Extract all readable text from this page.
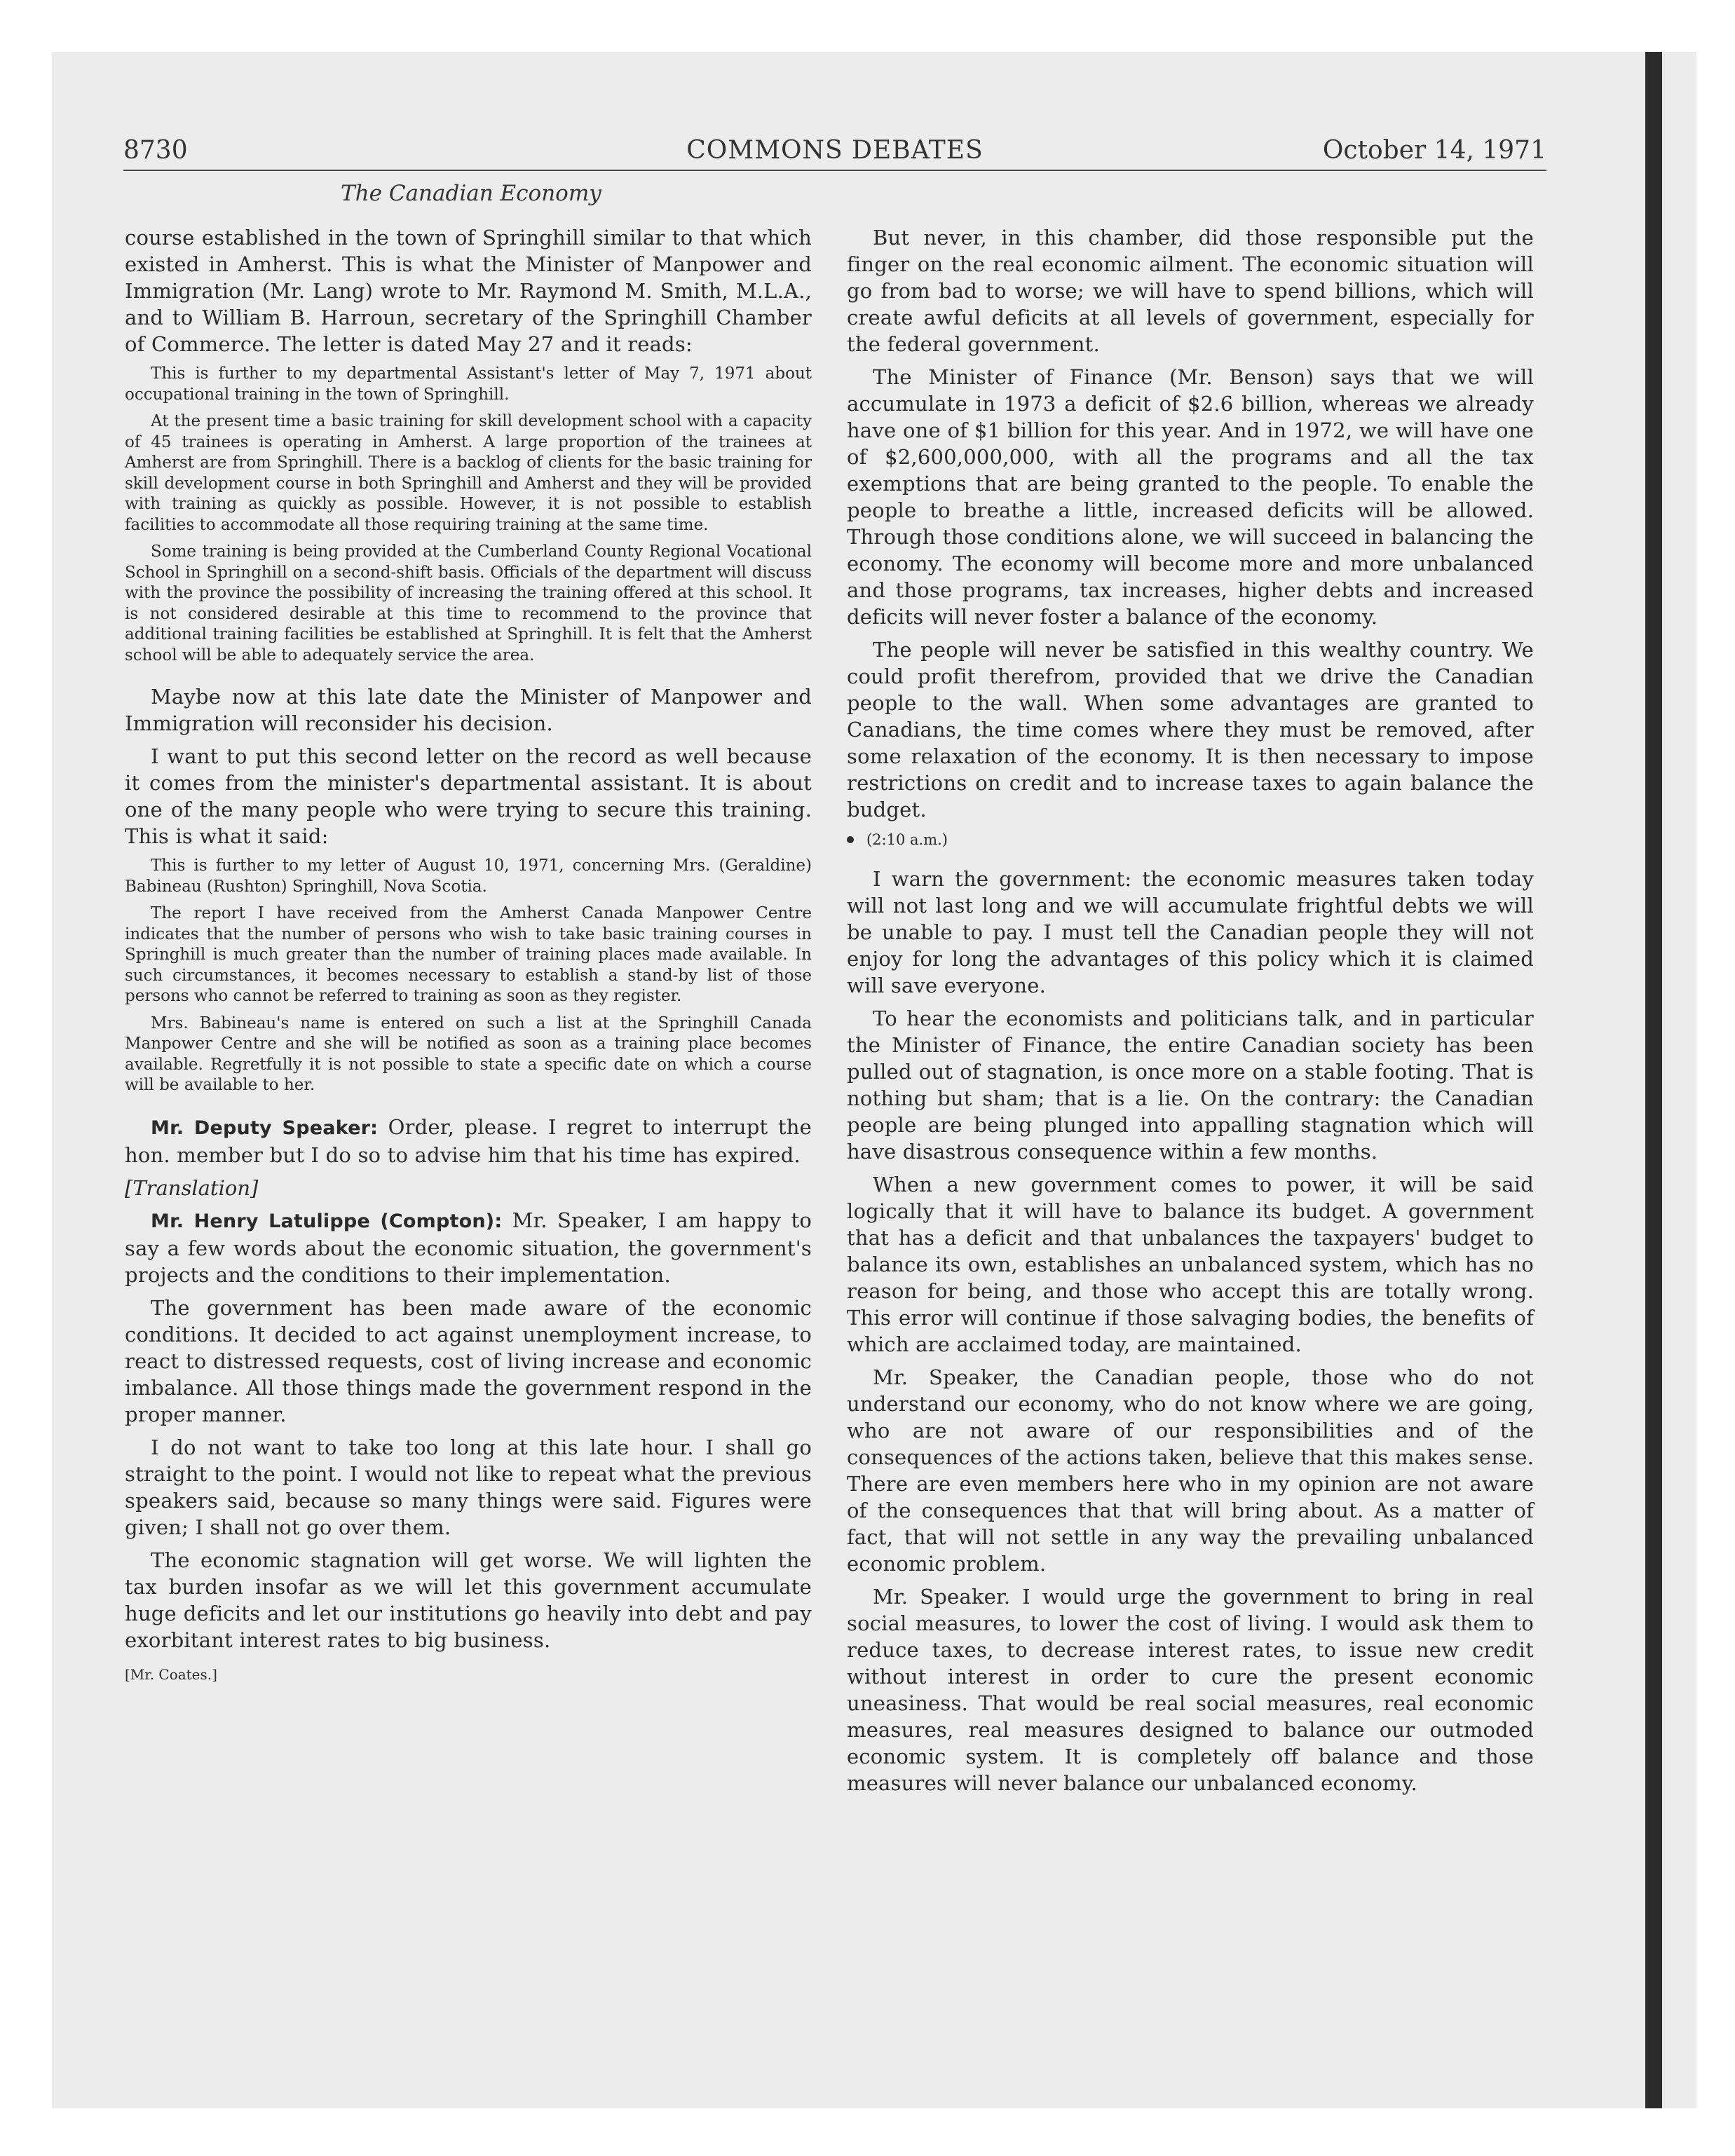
8730	COMMONS DEBATES	October 14, 1971
The Canadian Economy

course established in the town of Springhill similar to that which existed in Amherst. This is what the Minister of Manpower and Immigration (Mr. Lang) wrote to Mr. Raymond M. Smith, M.L.A., and to William B. Harroun, secretary of the Springhill Chamber of Commerce. The letter is dated May 27 and it reads:

This is further to my departmental Assistant's letter of May 7, 1971 about occupational training in the town of Springhill.

At the present time a basic training for skill development school with a capacity of 45 trainees is operating in Amherst. A large proportion of the trainees at Amherst are from Springhill. There is a backlog of clients for the basic training for skill development course in both Springhill and Amherst and they will be provided with training as quickly as possible. However, it is not possible to establish facilities to accommodate all those requiring training at the same time.

Some training is being provided at the Cumberland County Regional Vocational School in Springhill on a second-shift basis. Officials of the department will discuss with the province the possibility of increasing the training offered at this school. It is not considered desirable at this time to recommend to the province that additional training facilities be established at Springhill. It is felt that the Amherst school will be able to adequately service the area.

Maybe now at this late date the Minister of Manpower and Immigration will reconsider his decision.

I want to put this second letter on the record as well because it comes from the minister's departmental assistant. It is about one of the many people who were trying to secure this training. This is what it said:

This is further to my letter of August 10, 1971, concerning Mrs. (Geraldine) Babineau (Rushton) Springhill, Nova Scotia.

The report I have received from the Amherst Canada Manpower Centre indicates that the number of persons who wish to take basic training courses in Springhill is much greater than the number of training places made available. In such circumstances, it becomes necessary to establish a stand-by list of those persons who cannot be referred to training as soon as they register.

Mrs. Babineau's name is entered on such a list at the Springhill Canada Manpower Centre and she will be notified as soon as a training place becomes available. Regretfully it is not possible to state a specific date on which a course will be available to her.

Mr. Deputy Speaker: Order, please. I regret to interrupt the hon. member but I do so to advise him that his time has expired.

[Translation]

Mr. Henry Latulippe (Compton): Mr. Speaker, I am happy to say a few words about the economic situation, the government's projects and the conditions to their implementation.

The government has been made aware of the economic conditions. It decided to act against unemployment increase, to react to distressed requests, cost of living increase and economic imbalance. All those things made the government respond in the proper manner.

I do not want to take too long at this late hour. I shall go straight to the point. I would not like to repeat what the previous speakers said, because so many things were said. Figures were given; I shall not go over them.

The economic stagnation will get worse. We will lighten the tax burden insofar as we will let this government accumulate huge deficits and let our institutions go heavily into debt and pay exorbitant interest rates to big business.

[Mr. Coates.]

But never, in this chamber, did those responsible put the finger on the real economic ailment. The economic situation will go from bad to worse; we will have to spend billions, which will create awful deficits at all levels of government, especially for the federal government.

The Minister of Finance (Mr. Benson) says that we will accumulate in 1973 a deficit of $2.6 billion, whereas we already have one of $1 billion for this year. And in 1972, we will have one of $2,600,000,000, with all the programs and all the tax exemptions that are being granted to the people. To enable the people to breathe a little, increased deficits will be allowed. Through those conditions alone, we will succeed in balancing the economy. The economy will become more and more unbalanced and those programs, tax increases, higher debts and increased deficits will never foster a balance of the economy.

The people will never be satisfied in this wealthy country. We could profit therefrom, provided that we drive the Canadian people to the wall. When some advantages are granted to Canadians, the time comes where they must be removed, after some relaxation of the economy. It is then necessary to impose restrictions on credit and to increase taxes to again balance the budget.

(2:10 a.m.)

I warn the government: the economic measures taken today will not last long and we will accumulate frightful debts we will be unable to pay. I must tell the Canadian people they will not enjoy for long the advantages of this policy which it is claimed will save everyone.

To hear the economists and politicians talk, and in particular the Minister of Finance, the entire Canadian society has been pulled out of stagnation, is once more on a stable footing. That is nothing but sham; that is a lie. On the contrary: the Canadian people are being plunged into appalling stagnation which will have disastrous consequence within a few months.

When a new government comes to power, it will be said logically that it will have to balance its budget. A government that has a deficit and that unbalances the taxpayers' budget to balance its own, establishes an unbalanced system, which has no reason for being, and those who accept this are totally wrong. This error will continue if those salvaging bodies, the benefits of which are acclaimed today, are maintained.

Mr. Speaker, the Canadian people, those who do not understand our economy, who do not know where we are going, who are not aware of our responsibilities and of the consequences of the actions taken, believe that this makes sense. There are even members here who in my opinion are not aware of the consequences that that will bring about. As a matter of fact, that will not settle in any way the prevailing unbalanced economic problem.

Mr. Speaker. I would urge the government to bring in real social measures, to lower the cost of living. I would ask them to reduce taxes, to decrease interest rates, to issue new credit without interest in order to cure the present economic uneasiness. That would be real social measures, real economic measures, real measures designed to balance our outmoded economic system. It is completely off balance and those measures will never balance our unbalanced economy.
